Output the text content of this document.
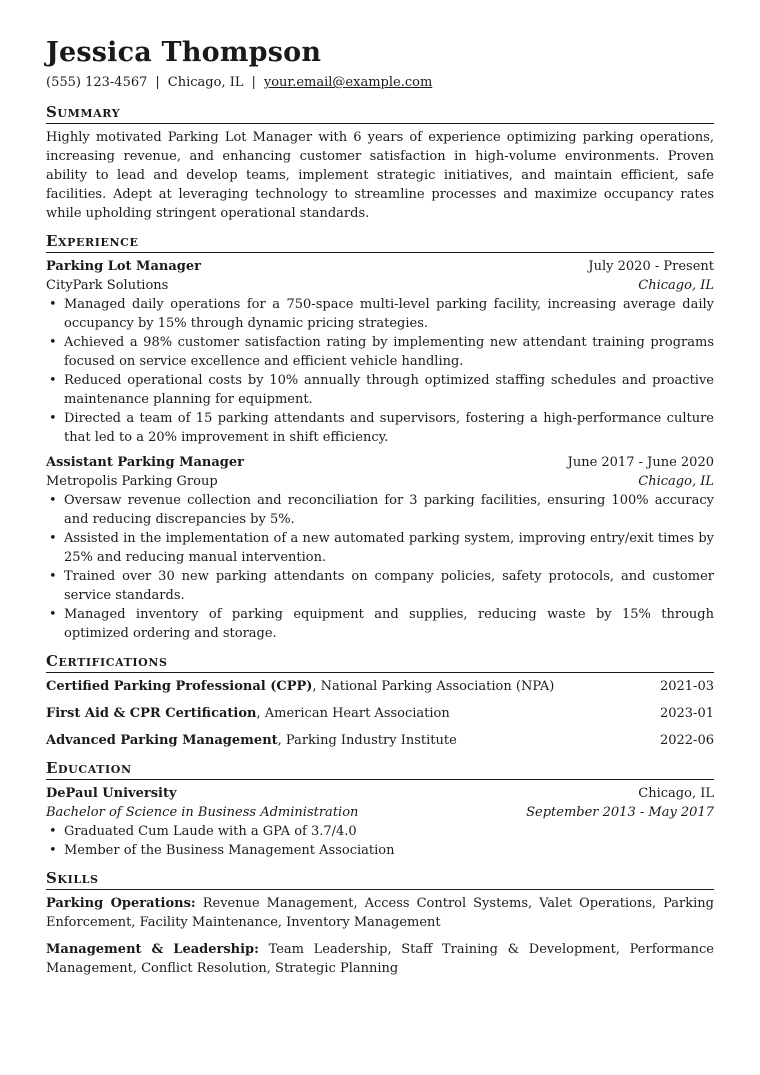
Jessica Thompson
(555) 123-4567 | Chicago, IL | your.email@example.com
Summary

Highly motivated Parking Lot Manager with 6 years of experience optimizing parking operations, increasing revenue, and enhancing customer satisfaction in high-volume environments. Proven ability to lead and develop teams, implement strategic initiatives, and maintain efficient, safe facilities. Adept at leveraging technology to streamline processes and maximize occupancy rates while upholding stringent operational standards.

Experience
Parking Lot Manager	July 2020 - Present
CityPark Solutions	Chicago, IL
• Managed daily operations for a 750-space multi-level parking facility, increasing average daily occupancy by 15% through dynamic pricing strategies.
• Achieved a 98% customer satisfaction rating by implementing new attendant training programs focused on service excellence and efficient vehicle handling.
• Reduced operational costs by 10% annually through optimized staffing schedules and proactive maintenance planning for equipment.
• Directed a team of 15 parking attendants and supervisors, fostering a high-performance culture that led to a 20% improvement in shift efficiency.
Assistant Parking Manager	June 2017 - June 2020
Metropolis Parking Group	Chicago, IL
• Oversaw revenue collection and reconciliation for 3 parking facilities, ensuring 100% accuracy and reducing discrepancies by 5%.
• Assisted in the implementation of a new automated parking system, improving entry/exit times by 25% and reducing manual intervention.
• Trained over 30 new parking attendants on company policies, safety protocols, and customer service standards.
• Managed inventory of parking equipment and supplies, reducing waste by 15% through optimized ordering and storage.
Certifications
Certified Parking Professional (CPP), National Parking Association (NPA)	2021-03
First Aid & CPR Certification, American Heart Association	2023-01
Advanced Parking Management, Parking Industry Institute	2022-06
Education
DePaul University	Chicago, IL
Bachelor of Science in Business Administration	September 2013 - May 2017
• Graduated Cum Laude with a GPA of 3.7/4.0
• Member of the Business Management Association
Skills
Parking Operations: Revenue Management, Access Control Systems, Valet Operations, Parking Enforcement, Facility Maintenance, Inventory Management
Management & Leadership: Team Leadership, Staff Training & Development, Performance Management, Conflict Resolution, Strategic Planning
